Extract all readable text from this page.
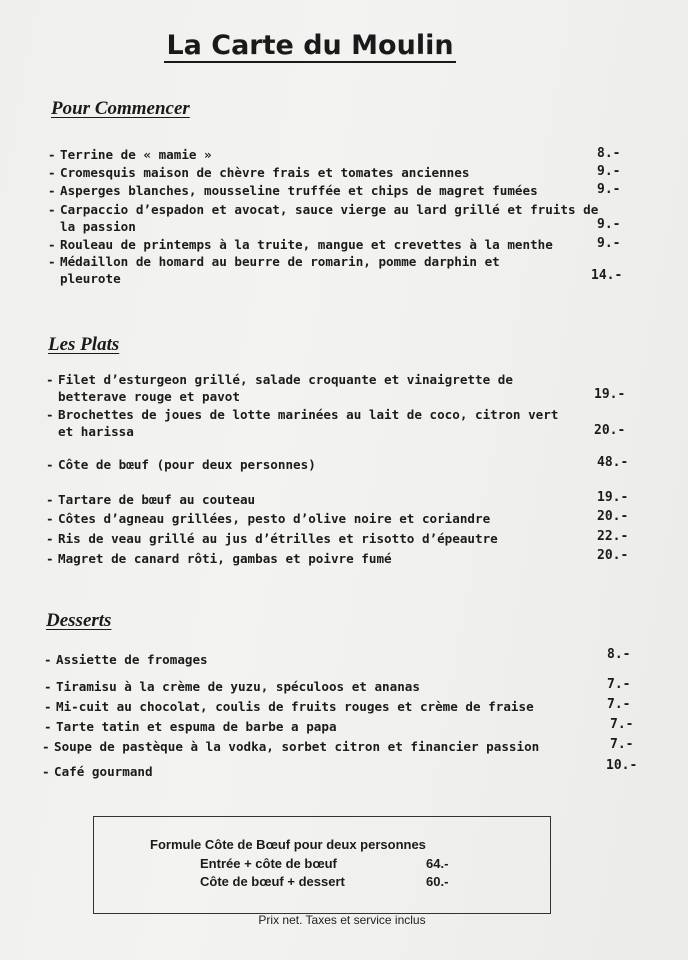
La Carte du Moulin
Pour Commencer
- Terrine de « mamie »	8.-
- Cromesquis maison de chèvre frais et tomates anciennes	9.-
- Asperges blanches, mousseline truffée et chips de magret fumées	9.-
- Carpaccio d’espadon et avocat, sauce vierge au lard grillé et fruits de
la passion	9.-
- Rouleau de printemps à la truite, mangue et crevettes à la menthe	9.-
- Médaillon de homard au beurre de romarin, pomme darphin et
pleurote	14.-
Les Plats
- Filet d’esturgeon grillé, salade croquante et vinaigrette de
betterave rouge et pavot	19.-
- Brochettes de joues de lotte marinées au lait de coco, citron vert
et harissa	20.-
- Côte de bœuf (pour deux personnes)	48.-
- Tartare de bœuf au couteau	19.-
- Côtes d’agneau grillées, pesto d’olive noire et coriandre	20.-
- Ris de veau grillé au jus d’étrilles et risotto d’épeautre	22.-
- Magret de canard rôti, gambas et poivre fumé	20.-
Desserts
- Assiette de fromages	8.-
- Tiramisu à la crème de yuzu, spéculoos et ananas	7.-
- Mi-cuit au chocolat, coulis de fruits rouges et crème de fraise	7.-
- Tarte tatin et espuma de barbe a papa	7.-
- Soupe de pastèque à la vodka, sorbet citron et financier passion	7.-
- Café gourmand	10.-
Formule Côte de Bœuf pour deux personnes
Entrée + côte de bœuf	64.-
Côte de bœuf + dessert	60.-
Prix net. Taxes et service inclus
